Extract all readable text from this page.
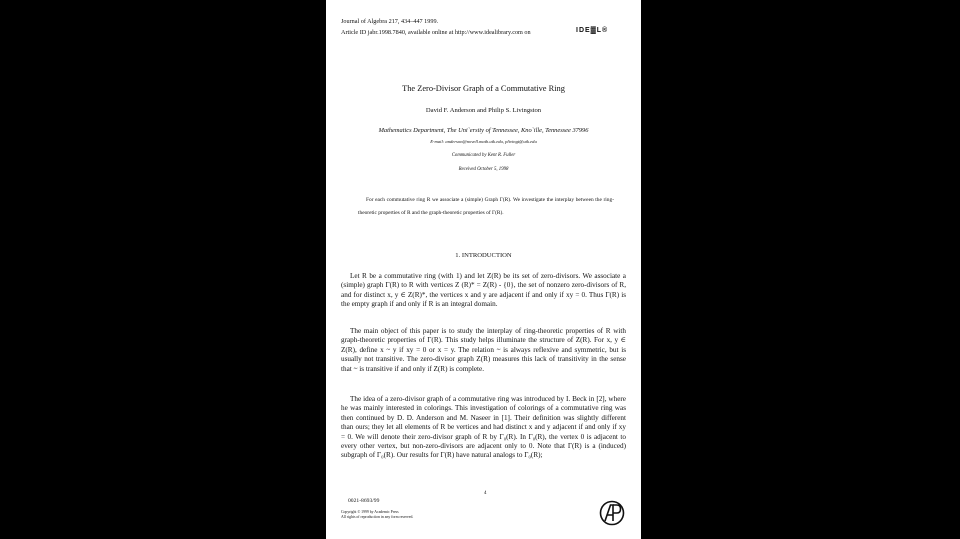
Journal of Algebra 217, 434–447 1999.
Article ID jabr.1998.7840, available online at http://www.idealibrary.com on	IDE▓L®
The Zero-Divisor Graph of a Commutative Ring
David F. Anderson and Philip S. Livingston
Mathematics Department, The Uni`ersity of Tennessee, Kno`ille, Tennessee 37996
E-mail: anderson@novell.math.utk.edu, plivingt@utk.edu
Communicated by Kent R. Fuller
Received October 5, 1998

For each commutative ring R we associate a (simple) Graph Γ(R). We investigate the interplay between the ring-theoretic properties of R and the graph-theoretic properties of Γ(R).

1. INTRODUCTION

Let R be a commutative ring (with 1) and let Z(R) be its set of zero-divisors. We associate a (simple) graph Γ(R) to R with vertices Z (R)* = Z(R) - {0}, the set of nonzero zero-divisors of R, and for distinct x, y ∈ Z(R)*, the vertices x and y are adjacent if and only if xy = 0. Thus Γ(R) is the empty graph if and only if R is an integral domain.

The main object of this paper is to study the interplay of ring-theoretic properties of R with graph-theoretic properties of Γ(R). This study helps illuminate the structure of Z(R). For x, y ∈ Z(R), define x ~ y if xy = 0 or x = y. The relation ~ is always reflexive and symmetric, but is usually not transitive. The zero-divisor graph Z(R) measures this lack of transitivity in the sense that ~ is transitive if and only if Z(R) is complete.

The idea of a zero-divisor graph of a commutative ring was introduced by I. Beck in [2], where he was mainly interested in colorings. This investigation of colorings of a commutative ring was then continued by D. D. Anderson and M. Naseer in [1]. Their definition was slightly different than ours; they let all elements of R be vertices and had distinct x and y adjacent if and only if xy = 0. We will denote their zero-divisor graph of R by Γ₀(R). In Γ₀(R), the vertex 0 is adjacent to every other vertex, but non-zero-divisors are adjacent only to 0. Note that Γ(R) is a (induced) subgraph of Γ₀(R). Our results for Γ(R) have natural analogs to Γ₀(R);

4
0021-8693/99
Copyright © 1999 by Academic Press
All rights of reproduction in any form reserved.
